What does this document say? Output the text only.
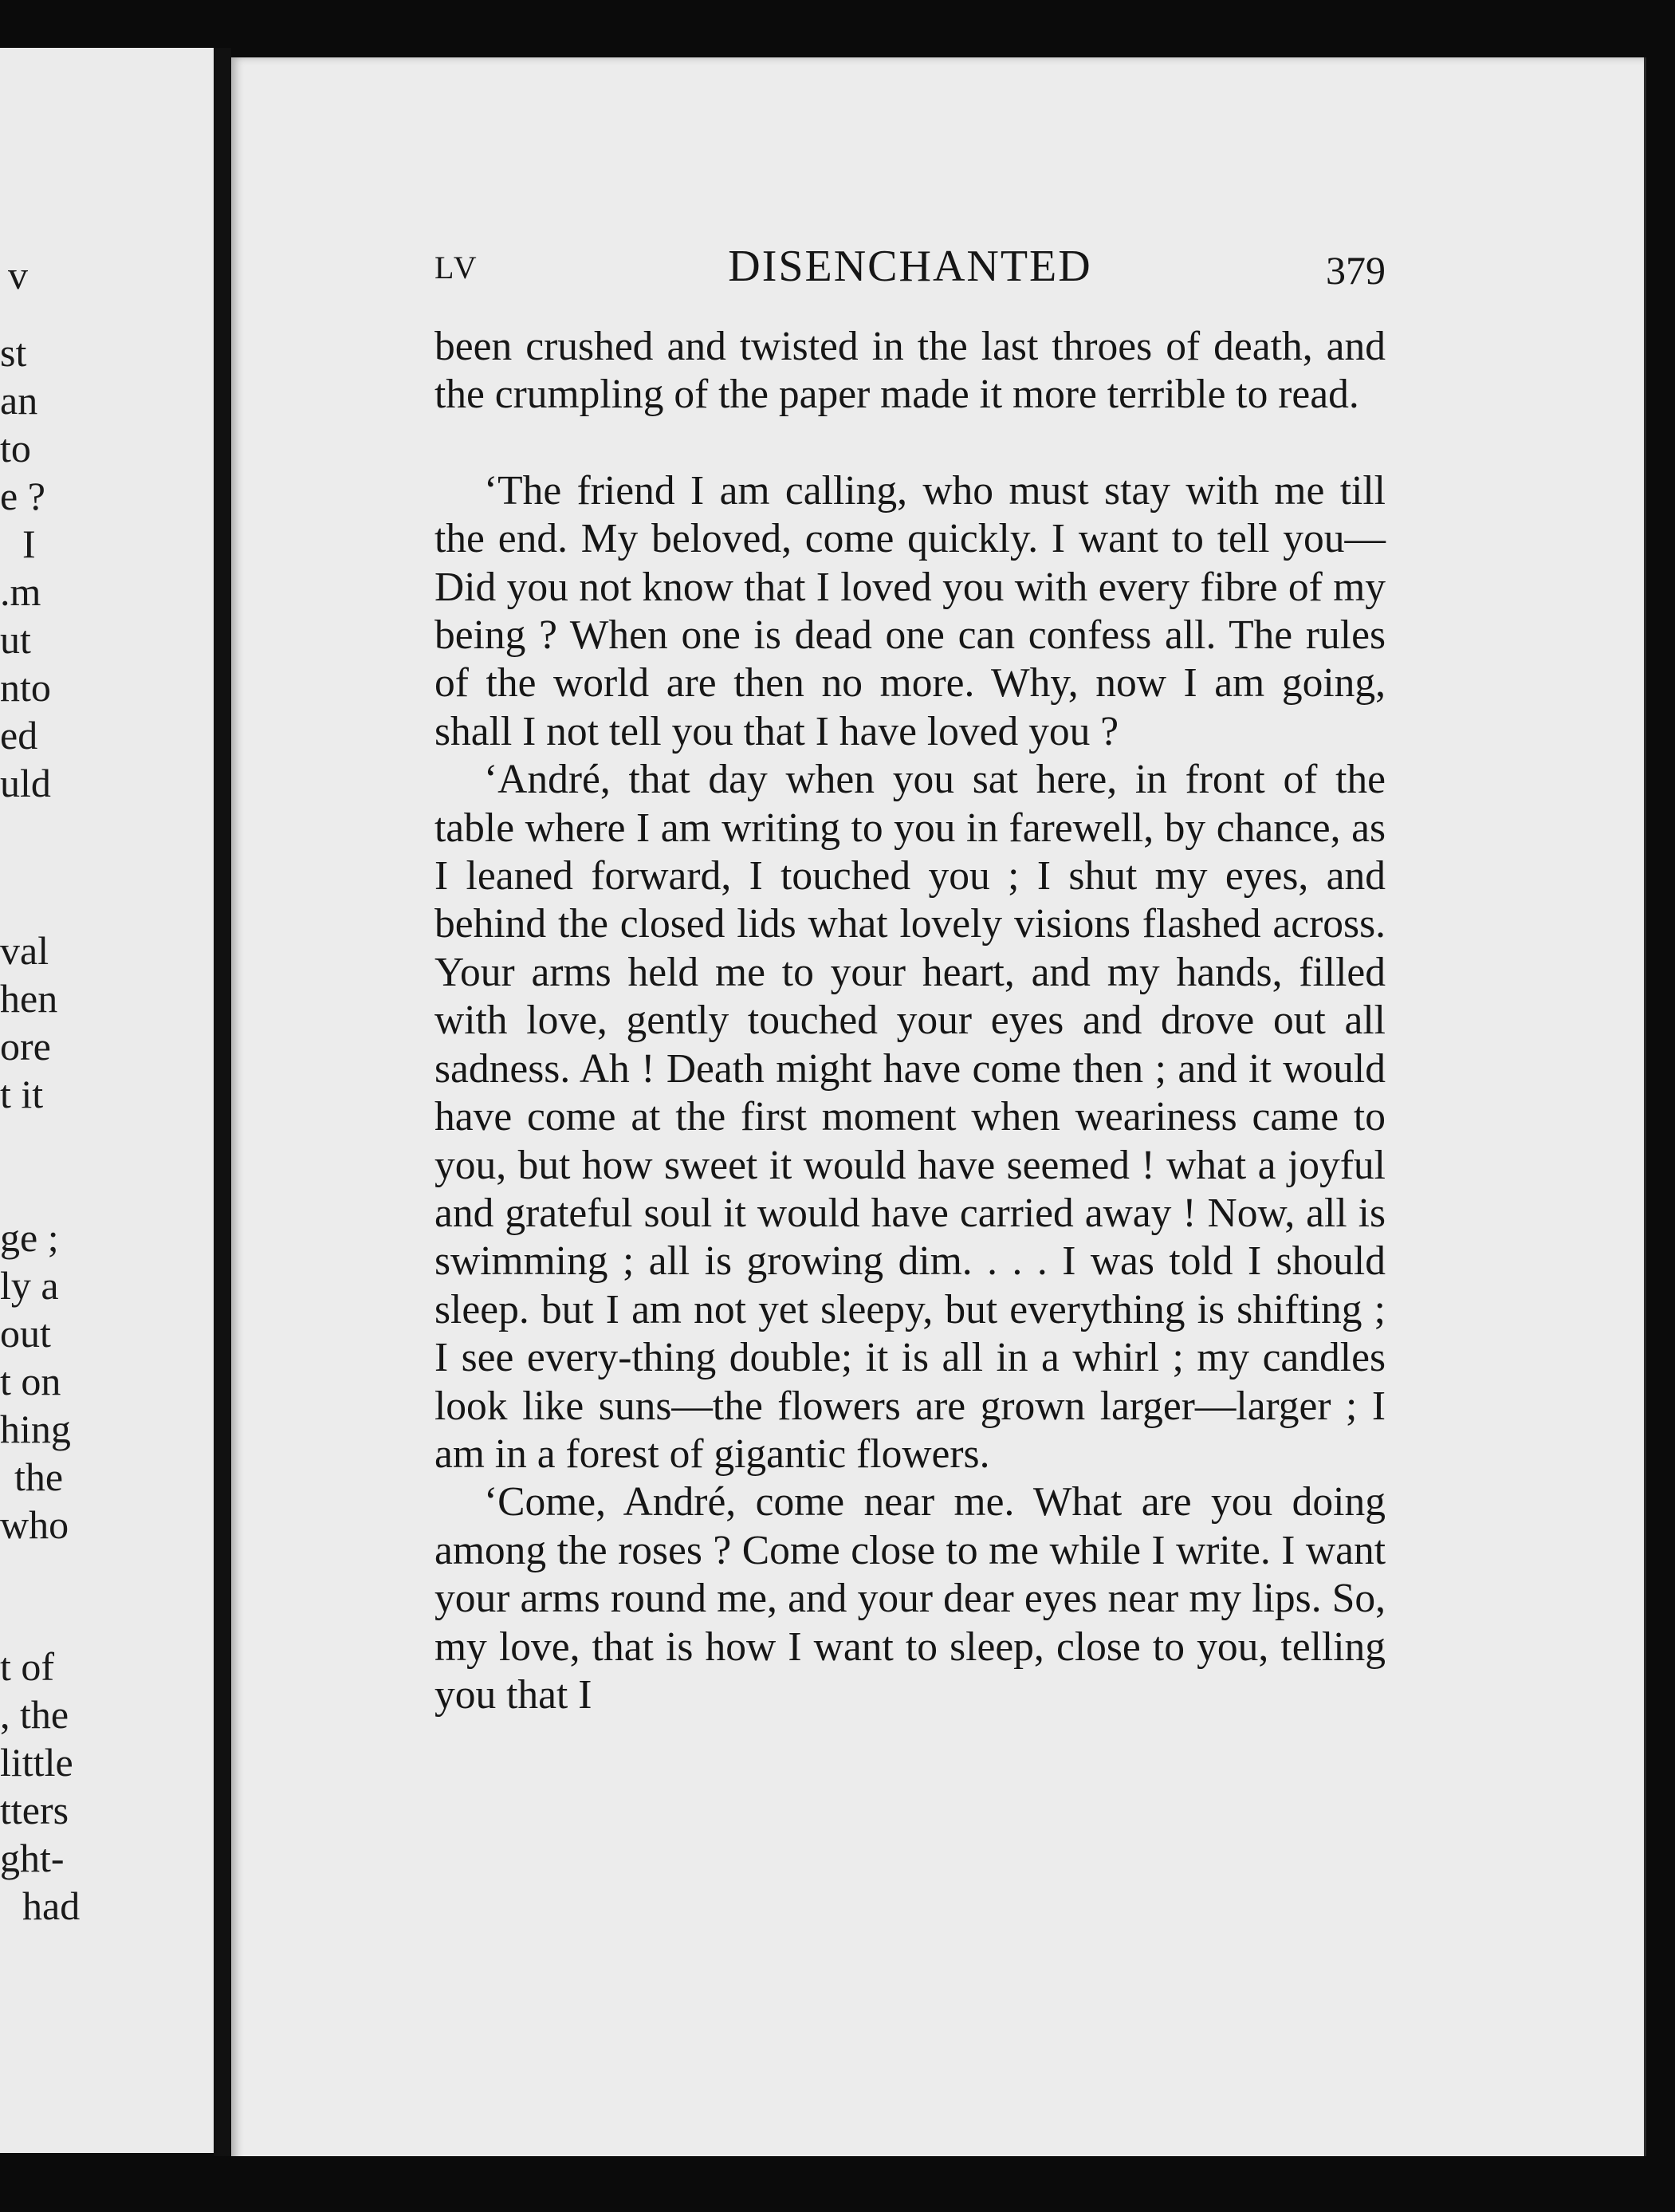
v
st
an
to
e ?
I
.m
ut
nto
ed
uld
val
hen
ore
t it
ge ;
ly a
out
t on
hing
the
who
t of
, the
little
tters
ght-
had
LV	DISENCHANTED	379

been crushed and twisted in the last throes of death, and the crumpling of the paper made it more terrible to read.

‘The friend I am calling, who must stay with me till the end. My beloved, come quickly. I want to tell you—Did you not know that I loved you with every fibre of my being ? When one is dead one can confess all. The rules of the world are then no more. Why, now I am going, shall I not tell you that I have loved you ?

‘André, that day when you sat here, in front of the table where I am writing to you in farewell, by chance, as I leaned forward, I touched you ; I shut my eyes, and behind the closed lids what lovely visions flashed across. Your arms held me to your heart, and my hands, filled with love, gently touched your eyes and drove out all sadness. Ah ! Death might have come then ; and it would have come at the first moment when weariness came to you, but how sweet it would have seemed ! what a joyful and grateful soul it would have carried away ! Now, all is swimming ; all is growing dim. . . . I was told I should sleep. but I am not yet sleepy, but everything is shifting ; I see every-thing double; it is all in a whirl ; my candles look like suns—the flowers are grown larger—larger ; I am in a forest of gigantic flowers.

‘Come, André, come near me. What are you doing among the roses ? Come close to me while I write. I want your arms round me, and your dear eyes near my lips. So, my love, that is how I want to sleep, close to you, telling you that I
